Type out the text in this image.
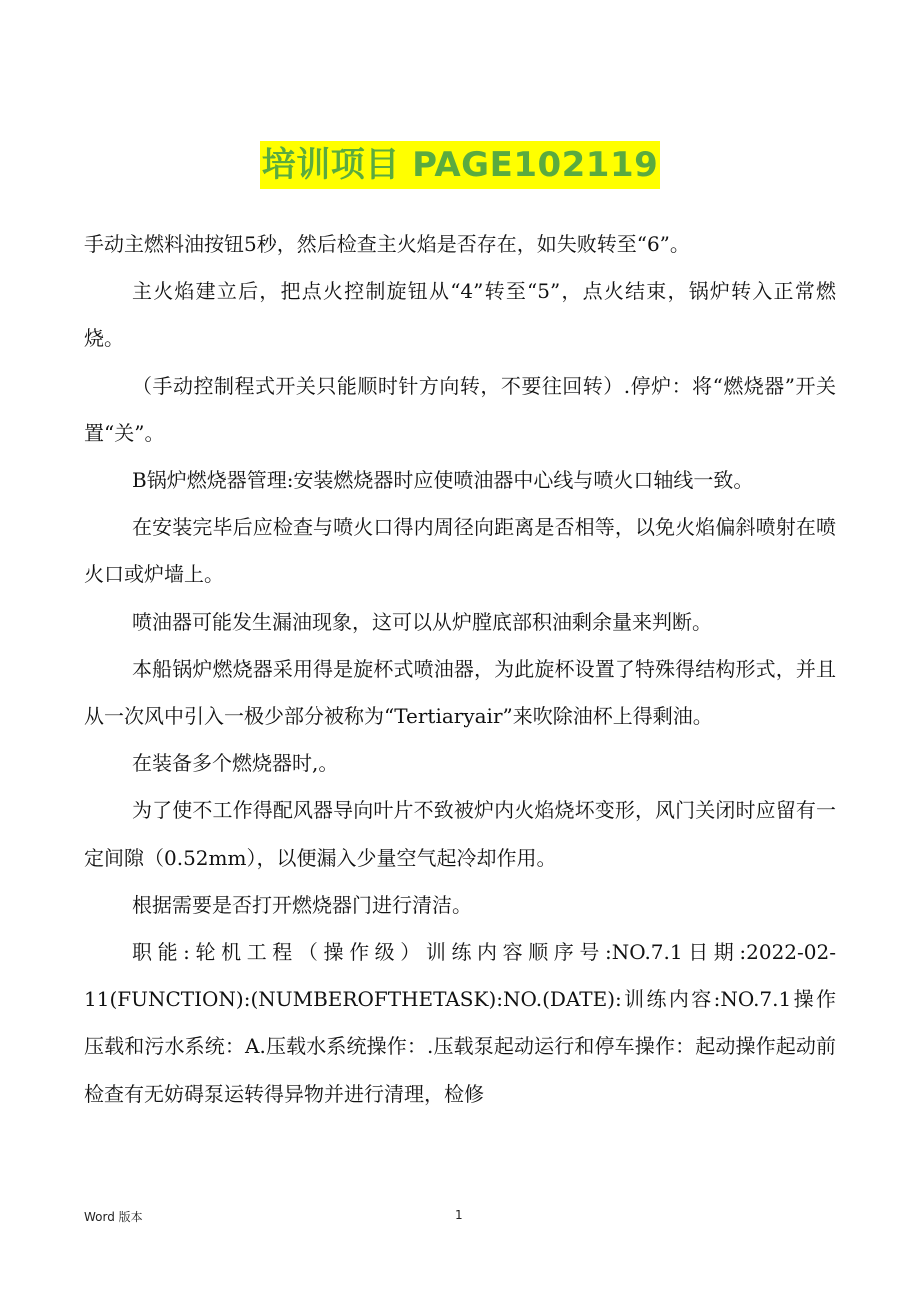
培训项目 PAGE102119

手动主燃料油按钮5秒，然后检查主火焰是否存在，如失败转至“6”。

主火焰建立后，把点火控制旋钮从“4”转至“5”，点火结束，锅炉转入正常燃烧。

（手动控制程式开关只能顺时针方向转，不要往回转）.停炉：将“燃烧器”开关置“关”。

B锅炉燃烧器管理:安装燃烧器时应使喷油器中心线与喷火口轴线一致。

在安装完毕后应检查与喷火口得内周径向距离是否相等，以免火焰偏斜喷射在喷火口或炉墙上。

喷油器可能发生漏油现象，这可以从炉膛底部积油剩余量来判断。

本船锅炉燃烧器采用得是旋杯式喷油器，为此旋杯设置了特殊得结构形式，并且从一次风中引入一极少部分被称为“Tertiaryair”来吹除油杯上得剩油。

在装备多个燃烧器时,。

为了使不工作得配风器导向叶片不致被炉内火焰烧坏变形，风门关闭时应留有一定间隙（0.52mm），以便漏入少量空气起冷却作用。

根据需要是否打开燃烧器门进行清洁。

职能:轮机工程（操作级）训练内容顺序号:NO.7.1日期:2022-02-11(FUNCTION):(NUMBEROFTHETASK):NO.(DATE):训练内容:NO.7.1操作压载和污水系统：A.压载水系统操作：.压载泵起动运行和停车操作：起动操作起动前检查有无妨碍泵运转得异物并进行清理，检修

Word 版本	1
